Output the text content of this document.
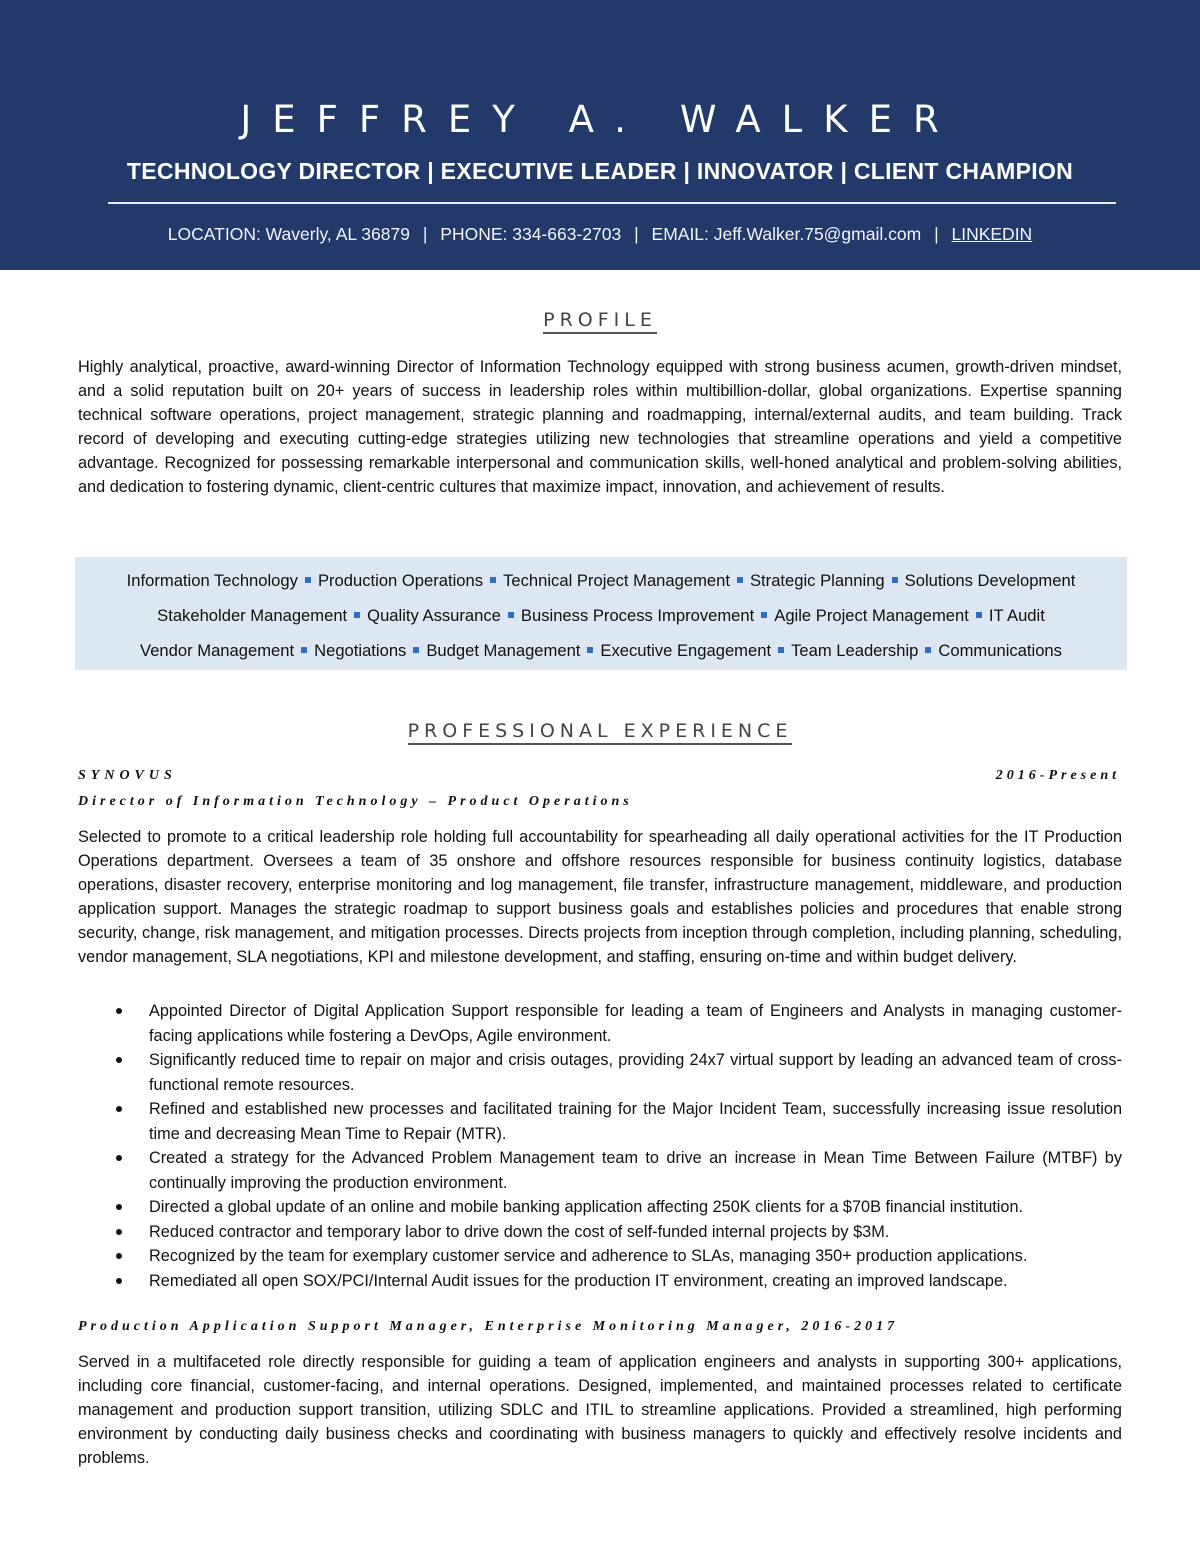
JEFFREY A. WALKER
TECHNOLOGY DIRECTOR | EXECUTIVE LEADER | INNOVATOR | CLIENT CHAMPION
LOCATION: Waverly, AL 36879 | PHONE: 334-663-2703 | EMAIL: Jeff.Walker.75@gmail.com | LINKEDIN
PROFILE
Highly analytical, proactive, award-winning Director of Information Technology equipped with strong business acumen, growth-driven mindset, and a solid reputation built on 20+ years of success in leadership roles within multibillion-dollar, global organizations. Expertise spanning technical software operations, project management, strategic planning and roadmapping, internal/external audits, and team building. Track record of developing and executing cutting-edge strategies utilizing new technologies that streamline operations and yield a competitive advantage. Recognized for possessing remarkable interpersonal and communication skills, well-honed analytical and problem-solving abilities, and dedication to fostering dynamic, client-centric cultures that maximize impact, innovation, and achievement of results.
Information Technology Production Operations Technical Project Management Strategic Planning Solutions Development
Stakeholder Management Quality Assurance Business Process Improvement Agile Project Management IT Audit
Vendor Management Negotiations Budget Management Executive Engagement Team Leadership Communications
PROFESSIONAL EXPERIENCE
SYNOVUS	2016-Present
Director of Information Technology – Product Operations
Selected to promote to a critical leadership role holding full accountability for spearheading all daily operational activities for the IT Production Operations department. Oversees a team of 35 onshore and offshore resources responsible for business continuity logistics, database operations, disaster recovery, enterprise monitoring and log management, file transfer, infrastructure management, middleware, and production application support. Manages the strategic roadmap to support business goals and establishes policies and procedures that enable strong security, change, risk management, and mitigation processes. Directs projects from inception through completion, including planning, scheduling, vendor management, SLA negotiations, KPI and milestone development, and staffing, ensuring on-time and within budget delivery.
Appointed Director of Digital Application Support responsible for leading a team of Engineers and Analysts in managing customer-facing applications while fostering a DevOps, Agile environment.
Significantly reduced time to repair on major and crisis outages, providing 24x7 virtual support by leading an advanced team of cross-functional remote resources.
Refined and established new processes and facilitated training for the Major Incident Team, successfully increasing issue resolution time and decreasing Mean Time to Repair (MTR).
Created a strategy for the Advanced Problem Management team to drive an increase in Mean Time Between Failure (MTBF) by continually improving the production environment.
Directed a global update of an online and mobile banking application affecting 250K clients for a $70B financial institution.
Reduced contractor and temporary labor to drive down the cost of self-funded internal projects by $3M.
Recognized by the team for exemplary customer service and adherence to SLAs, managing 350+ production applications.
Remediated all open SOX/PCI/Internal Audit issues for the production IT environment, creating an improved landscape.
Production Application Support Manager, Enterprise Monitoring Manager, 2016-2017
Served in a multifaceted role directly responsible for guiding a team of application engineers and analysts in supporting 300+ applications, including core financial, customer-facing, and internal operations. Designed, implemented, and maintained processes related to certificate management and production support transition, utilizing SDLC and ITIL to streamline applications. Provided a streamlined, high performing environment by conducting daily business checks and coordinating with business managers to quickly and effectively resolve incidents and problems.
